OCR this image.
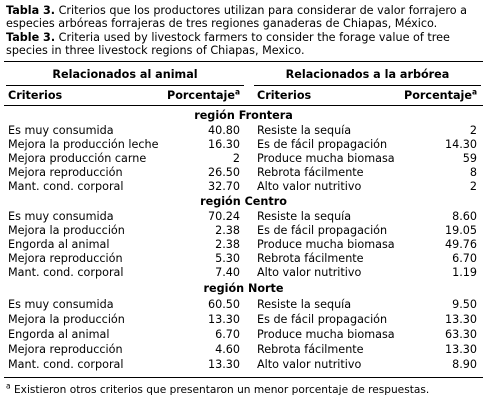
Tabla 3. Criterios que los productores utilizan para considerar de valor forrajero a especies arbóreas forrajeras de tres regiones ganaderas de Chiapas, México.
Table 3. Criteria used by livestock farmers to consider the forage value of tree species in three livestock regions of Chiapas, Mexico.
Relacionados al animal	Relacionados a la arbórea
Criterios	Porcentaje$^a$ Criterios	Porcentaje$^a$
región Frontera
Es muy consumida	40.80 Resiste la sequía	2
Mejora la producción leche	16.30 Es de fácil propagación	14.30
Mejora producción carne	2 Produce mucha biomasa	59
Mejora reproducción	26.50 Rebrota fácilmente	8
Mant. cond. corporal	32.70 Alto valor nutritivo	2
región Centro
Es muy consumida	70.24 Resiste la sequía	8.60
Mejora la producción	2.38 Es de fácil propagación	19.05
Engorda al animal	2.38 Produce mucha biomasa	49.76
Mejora reproducción	5.30 Rebrota fácilmente	6.70
Mant. cond. corporal	7.40 Alto valor nutritivo	1.19
región Norte
Es muy consumida	60.50 Resiste la sequía	9.50
Mejora la producción	13.30 Es de fácil propagación	13.30
Engorda al animal	6.70 Produce mucha biomasa	63.30
Mejora reproducción	4.60 Rebrota fácilmente	13.30
Mant. cond. corporal	13.30 Alto valor nutritivo	8.90
$^a$ Existieron otros criterios que presentaron un menor porcentaje de respuestas.
